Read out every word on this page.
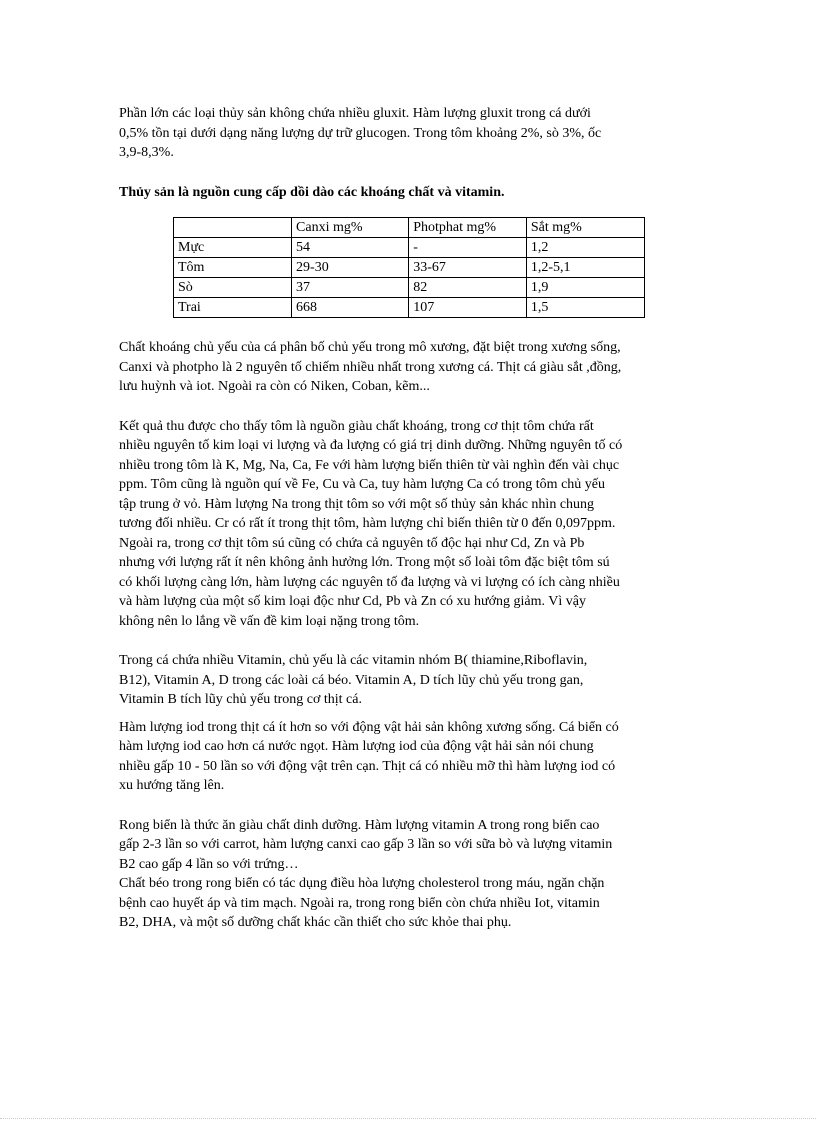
Phần lớn các loại thủy sản không chứa nhiều gluxit. Hàm lượng gluxit trong cá dưới
0,5% tồn tại dưới dạng năng lượng dự trữ glucogen. Trong tôm khoảng 2%, sò 3%, ốc
3,9-8,3%.

Thủy sản là nguồn cung cấp dồi dào các khoáng chất và vitamin.

	Canxi mg%	Photphat mg%	Sắt mg%
Mực	54	-	1,2
Tôm	29-30	33-67	1,2-5,1
Sò	37	82	1,9
Trai	668	107	1,5

Chất khoáng chủ yếu của cá phân bố chủ yếu trong mô xương, đặt biệt trong xương sống,
Canxi và photpho là 2 nguyên tố chiếm nhiều nhất trong xương cá. Thịt cá giàu sắt ,đồng,
lưu huỳnh và iot. Ngoài ra còn có Niken, Coban, kẽm...

Kết quả thu được cho thấy tôm là nguồn giàu chất khoáng, trong cơ thịt tôm chứa rất
nhiều nguyên tố kim loại vi lượng và đa lượng có giá trị dinh dưỡng. Những nguyên tố có
nhiều trong tôm là K, Mg, Na, Ca, Fe với hàm lượng biến thiên từ vài nghìn đến vài chục
ppm. Tôm cũng là nguồn quí về Fe, Cu và Ca, tuy hàm lượng Ca có trong tôm chủ yếu
tập trung ở vỏ. Hàm lượng Na trong thịt tôm so với một số thủy sản khác nhìn chung
tương đối nhiều. Cr có rất ít trong thịt tôm, hàm lượng chỉ biến thiên từ 0 đến 0,097ppm.
Ngoài ra, trong cơ thịt tôm sú cũng có chứa cả nguyên tố độc hại như Cd, Zn và Pb
nhưng với lượng rất ít nên không ảnh hưởng lớn. Trong một số loài tôm đặc biệt tôm sú
có khối lượng càng lớn, hàm lượng các nguyên tố đa lượng và vi lượng có ích càng nhiều
và hàm lượng của một số kim loại độc như Cd, Pb và Zn có xu hướng giảm. Vì vậy
không nên lo lắng về vấn đề kim loại nặng trong tôm.

Trong cá chứa nhiều Vitamin, chủ yếu là các vitamin nhóm B( thiamine,Riboflavin,
B12), Vitamin A, D trong các loài cá béo. Vitamin A, D tích lũy chủ yếu trong gan,
Vitamin B tích lũy chủ yếu trong cơ thịt cá.

Hàm lượng iod trong thịt cá ít hơn so với động vật hải sản không xương sống. Cá biển có
hàm lượng iod cao hơn cá nước ngọt. Hàm lượng iod của động vật hải sản nói chung
nhiều gấp 10 - 50 lần so với động vật trên cạn. Thịt cá có nhiều mỡ thì hàm lượng iod có
xu hướng tăng lên.

Rong biển là thức ăn giàu chất dinh dưỡng. Hàm lượng vitamin A trong rong biển cao
gấp 2-3 lần so với carrot, hàm lượng canxi cao gấp 3 lần so với sữa bò và lượng vitamin
B2 cao gấp 4 lần so với trứng…

Chất béo trong rong biển có tác dụng điều hòa lượng cholesterol trong máu, ngăn chặn
bệnh cao huyết áp và tim mạch. Ngoài ra, trong rong biển còn chứa nhiều Iot, vitamin
B2, DHA, và một số dưỡng chất khác cần thiết cho sức khỏe thai phụ.
